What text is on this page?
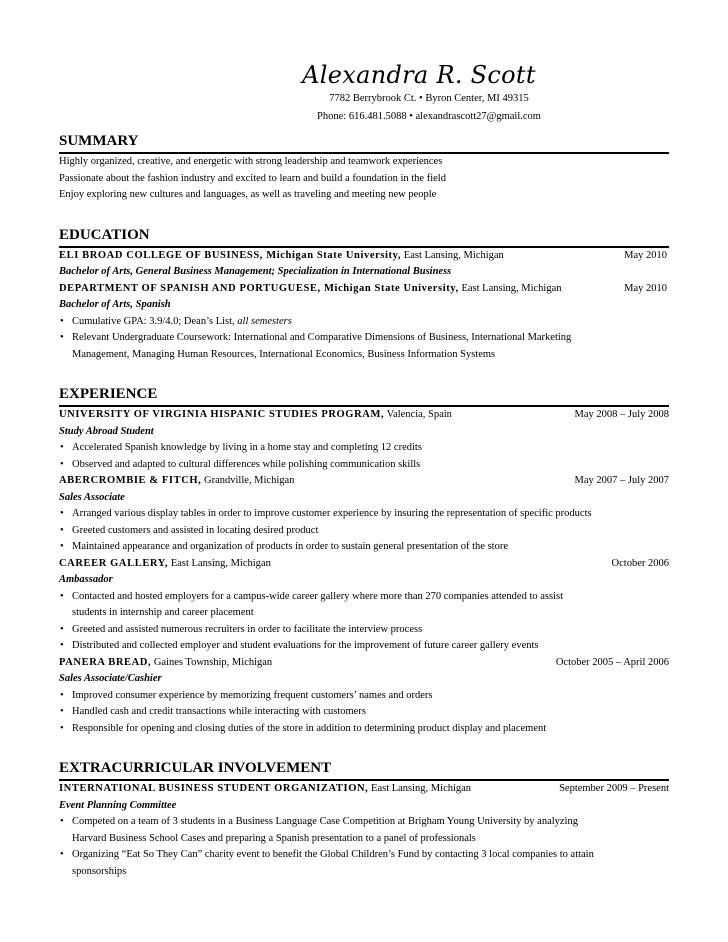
Alexandra R. Scott
7782 Berrybrook Ct. • Byron Center, MI 49315
Phone: 616.481.5088 • alexandrascott27@gmail.com
SUMMARY
Highly organized, creative, and energetic with strong leadership and teamwork experiences
Passionate about the fashion industry and excited to learn and build a foundation in the field
Enjoy exploring new cultures and languages, as well as traveling and meeting new people
EDUCATION
ELI BROAD COLLEGE OF BUSINESS, Michigan State University, East Lansing, Michigan	May 2010
Bachelor of Arts, General Business Management; Specialization in International Business
DEPARTMENT OF SPANISH AND PORTUGUESE, Michigan State University, East Lansing, Michigan	May 2010
Bachelor of Arts, Spanish
• Cumulative GPA: 3.9/4.0; Dean’s List, all semesters
• Relevant Undergraduate Coursework: International and Comparative Dimensions of Business, International Marketing
Management, Managing Human Resources, International Economics, Business Information Systems
EXPERIENCE
UNIVERSITY OF VIRGINIA HISPANIC STUDIES PROGRAM, Valencia, Spain	May 2008 – July 2008
Study Abroad Student
• Accelerated Spanish knowledge by living in a home stay and completing 12 credits
• Observed and adapted to cultural differences while polishing communication skills
ABERCROMBIE & FITCH, Grandville, Michigan	May 2007 – July 2007
Sales Associate
• Arranged various display tables in order to improve customer experience by insuring the representation of specific products
• Greeted customers and assisted in locating desired product
• Maintained appearance and organization of products in order to sustain general presentation of the store
CAREER GALLERY, East Lansing, Michigan	October 2006
Ambassador
• Contacted and hosted employers for a campus-wide career gallery where more than 270 companies attended to assist
students in internship and career placement
• Greeted and assisted numerous recruiters in order to facilitate the interview process
• Distributed and collected employer and student evaluations for the improvement of future career gallery events
PANERA BREAD, Gaines Township, Michigan	October 2005 – April 2006
Sales Associate/Cashier
• Improved consumer experience by memorizing frequent customers’ names and orders
• Handled cash and credit transactions while interacting with customers
• Responsible for opening and closing duties of the store in addition to determining product display and placement
EXTRACURRICULAR INVOLVEMENT
INTERNATIONAL BUSINESS STUDENT ORGANIZATION, East Lansing, Michigan	September 2009 – Present
Event Planning Committee
• Competed on a team of 3 students in a Business Language Case Competition at Brigham Young University by analyzing
Harvard Business School Cases and preparing a Spanish presentation to a panel of professionals
• Organizing “Eat So They Can” charity event to benefit the Global Children’s Fund by contacting 3 local companies to attain
sponsorships
